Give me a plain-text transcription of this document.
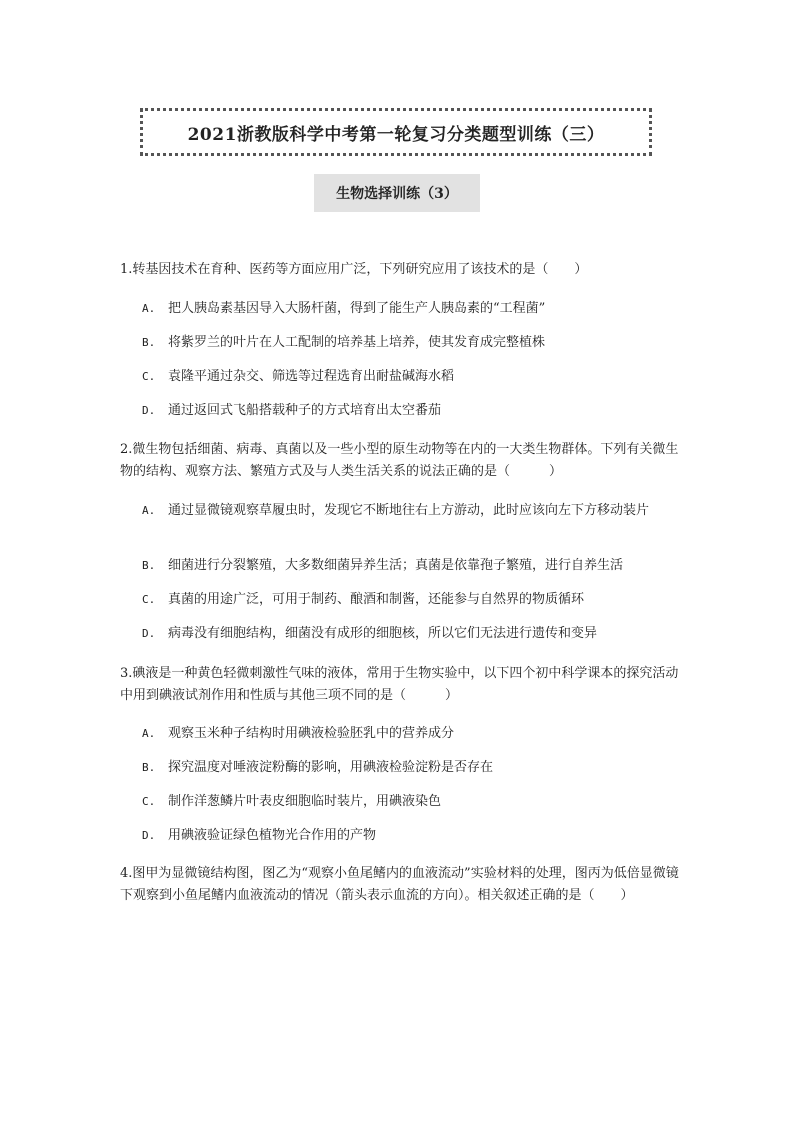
2021浙教版科学中考第一轮复习分类题型训练（三）
生物选择训练（3）
1.转基因技术在育种、医药等方面应用广泛，下列研究应用了该技术的是（　　）
A. 把人胰岛素基因导入大肠杆菌，得到了能生产人胰岛素的“工程菌”
B. 将紫罗兰的叶片在人工配制的培养基上培养，使其发育成完整植株
C. 袁隆平通过杂交、筛选等过程选育出耐盐碱海水稻
D. 通过返回式飞船搭载种子的方式培育出太空番茄
2.微生物包括细菌、病毒、真菌以及一些小型的原生动物等在内的一大类生物群体。下列有关微生物的结构、观察方法、繁殖方式及与人类生活关系的说法正确的是（　　　）
A. 通过显微镜观察草履虫时，发现它不断地往右上方游动，此时应该向左下方移动装片
B. 细菌进行分裂繁殖，大多数细菌异养生活；真菌是依靠孢子繁殖，进行自养生活
C. 真菌的用途广泛，可用于制药、酿酒和制酱，还能参与自然界的物质循环
D. 病毒没有细胞结构，细菌没有成形的细胞核，所以它们无法进行遗传和变异
3.碘液是一种黄色轻微刺激性气味的液体，常用于生物实验中，以下四个初中科学课本的探究活动中用到碘液试剂作用和性质与其他三项不同的是（　　　）
A. 观察玉米种子结构时用碘液检验胚乳中的营养成分
B. 探究温度对唾液淀粉酶的影响，用碘液检验淀粉是否存在
C. 制作洋葱鳞片叶表皮细胞临时装片，用碘液染色
D. 用碘液验证绿色植物光合作用的产物
4.图甲为显微镜结构图，图乙为“观察小鱼尾鳍内的血液流动”实验材料的处理，图丙为低倍显微镜下观察到小鱼尾鳍内血液流动的情况（箭头表示血流的方向）。相关叙述正确的是（　　）
